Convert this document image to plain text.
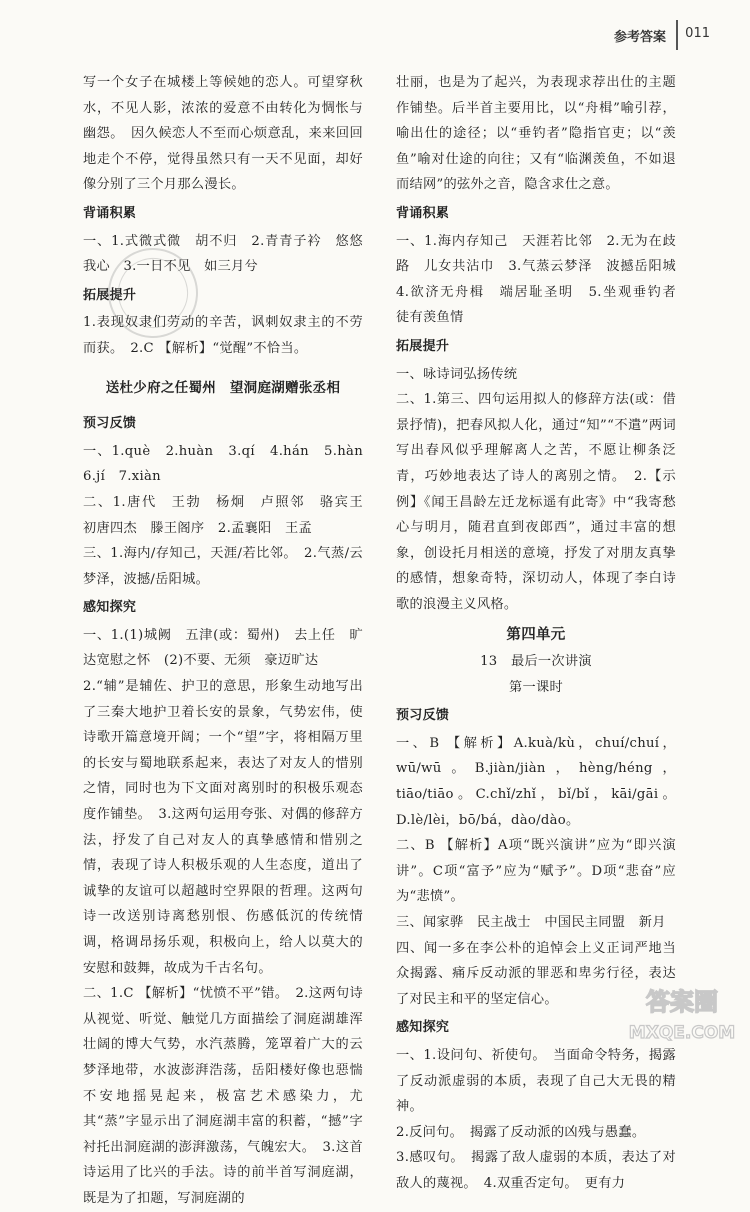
参考答案 011

写一个女子在城楼上等候她的恋人。可望穿秋水，不见人影，浓浓的爱意不由转化为惆怅与幽怨。　因久候恋人不至而心烦意乱，来来回回地走个不停，觉得虽然只有一天不见面，却好像分别了三个月那么漫长。

背诵积累

一、1.式微式微　胡不归　2.青青子衿　悠悠我心　3.一日不见　如三月兮

拓展提升

1.表现奴隶们劳动的辛苦，讽刺奴隶主的不劳而获。　2.C 【解析】“觉醒”不恰当。

送杜少府之任蜀州　望洞庭湖赠张丞相
预习反馈

一、1.què　2.huàn　3.qí　4.hán　5.hàn　6.jí　7.xiàn

二、1.唐代　王勃　杨炯　卢照邻　骆宾王　初唐四杰　滕王阁序　2.孟襄阳　王孟

三、1.海内/存知己，天涯/若比邻。　2.气蒸/云梦泽，波撼/岳阳城。

感知探究

一、1.(1)城阙　五津(或：蜀州)　去上任　旷达宽慰之怀　(2)不要、无须　豪迈旷达

2.“辅”是辅佐、护卫的意思，形象生动地写出了三秦大地护卫着长安的景象，气势宏伟，使诗歌开篇意境开阔；一个“望”字，将相隔万里的长安与蜀地联系起来，表达了对友人的惜别之情，同时也为下文面对离别时的积极乐观态度作铺垫。　3.这两句运用夸张、对偶的修辞方法，抒发了自己对友人的真挚感情和惜别之情，表现了诗人积极乐观的人生态度，道出了诚挚的友谊可以超越时空界限的哲理。这两句诗一改送别诗离愁别恨、伤感低沉的传统情调，格调昂扬乐观，积极向上，给人以莫大的安慰和鼓舞，故成为千古名句。

二、1.C 【解析】“忧愤不平”错。　2.这两句诗从视觉、听觉、触觉几方面描绘了洞庭湖雄浑壮阔的博大气势，水汽蒸腾，笼罩着广大的云梦泽地带，水波澎湃浩荡，岳阳楼好像也惡惴不安地摇晃起来，极富艺术感染力，尤其“蒸”字显示出了洞庭湖丰富的积蓄，“撼”字衬托出洞庭湖的澎湃激荡，气魄宏大。　3.这首诗运用了比兴的手法。诗的前半首写洞庭湖，既是为了扣题，写洞庭湖的

壮丽，也是为了起兴，为表现求荐出仕的主题作铺垫。后半首主要用比，以“舟楫”喻引荐，喻出仕的途径；以“垂钓者”隐指官吏；以“羡鱼”喻对仕途的向往；又有“临渊羡鱼，不如退而结网”的弦外之音，隐含求仕之意。

背诵积累

一、1.海内存知己　天涯若比邻　2.无为在歧路　儿女共沾巾　3.气蒸云梦泽　波撼岳阳城　4.欲济无舟楫　端居耻圣明　5.坐观垂钓者　徒有羡鱼情

拓展提升

一、咏诗词弘扬传统

二、1.第三、四句运用拟人的修辞方法(或：借景抒情)，把春风拟人化，通过“知”“不遣”两词写出春风似乎理解离人之苦，不愿让柳条泛青，巧妙地表达了诗人的离别之情。　2.【示例】《闻王昌龄左迁龙标遥有此寄》中“我寄愁心与明月，随君直到夜郎西”，通过丰富的想象，创设托月相送的意境，抒发了对朋友真挚的感情，想象奇特，深切动人，体现了李白诗歌的浪漫主义风格。

第四单元

13　最后一次讲演

第一课时

预习反馈

一、B 【解析】A.kuà/kù，chuí/chuí，wū/wū。B.jiàn/jiàn，hèng/héng，tiāo/tiāo。C.chǐ/zhǐ，bǐ/bǐ，kāi/gāi。D.lè/lèi，bō/bá，dào/dào。

二、B 【解析】A项“既兴演讲”应为“即兴演讲”。C项“富予”应为“赋予”。D项“悲奋”应为“悲愤”。

三、闻家骅　民主战士　中国民主同盟　新月

四、闻一多在李公朴的追悼会上义正词严地当众揭露、痛斥反动派的罪恶和卑劣行径，表达了对民主和平的坚定信心。

感知探究

一、1.设问句、祈使句。　当面命令特务，揭露了反动派虚弱的本质，表现了自己大无畏的精神。

2.反问句。　揭露了反动派的凶残与愚蠢。

3.感叹句。　揭露了敌人虚弱的本质，表达了对敌人的蔑视。　4.双重否定句。　更有力

答案圈
MXQE.COM
